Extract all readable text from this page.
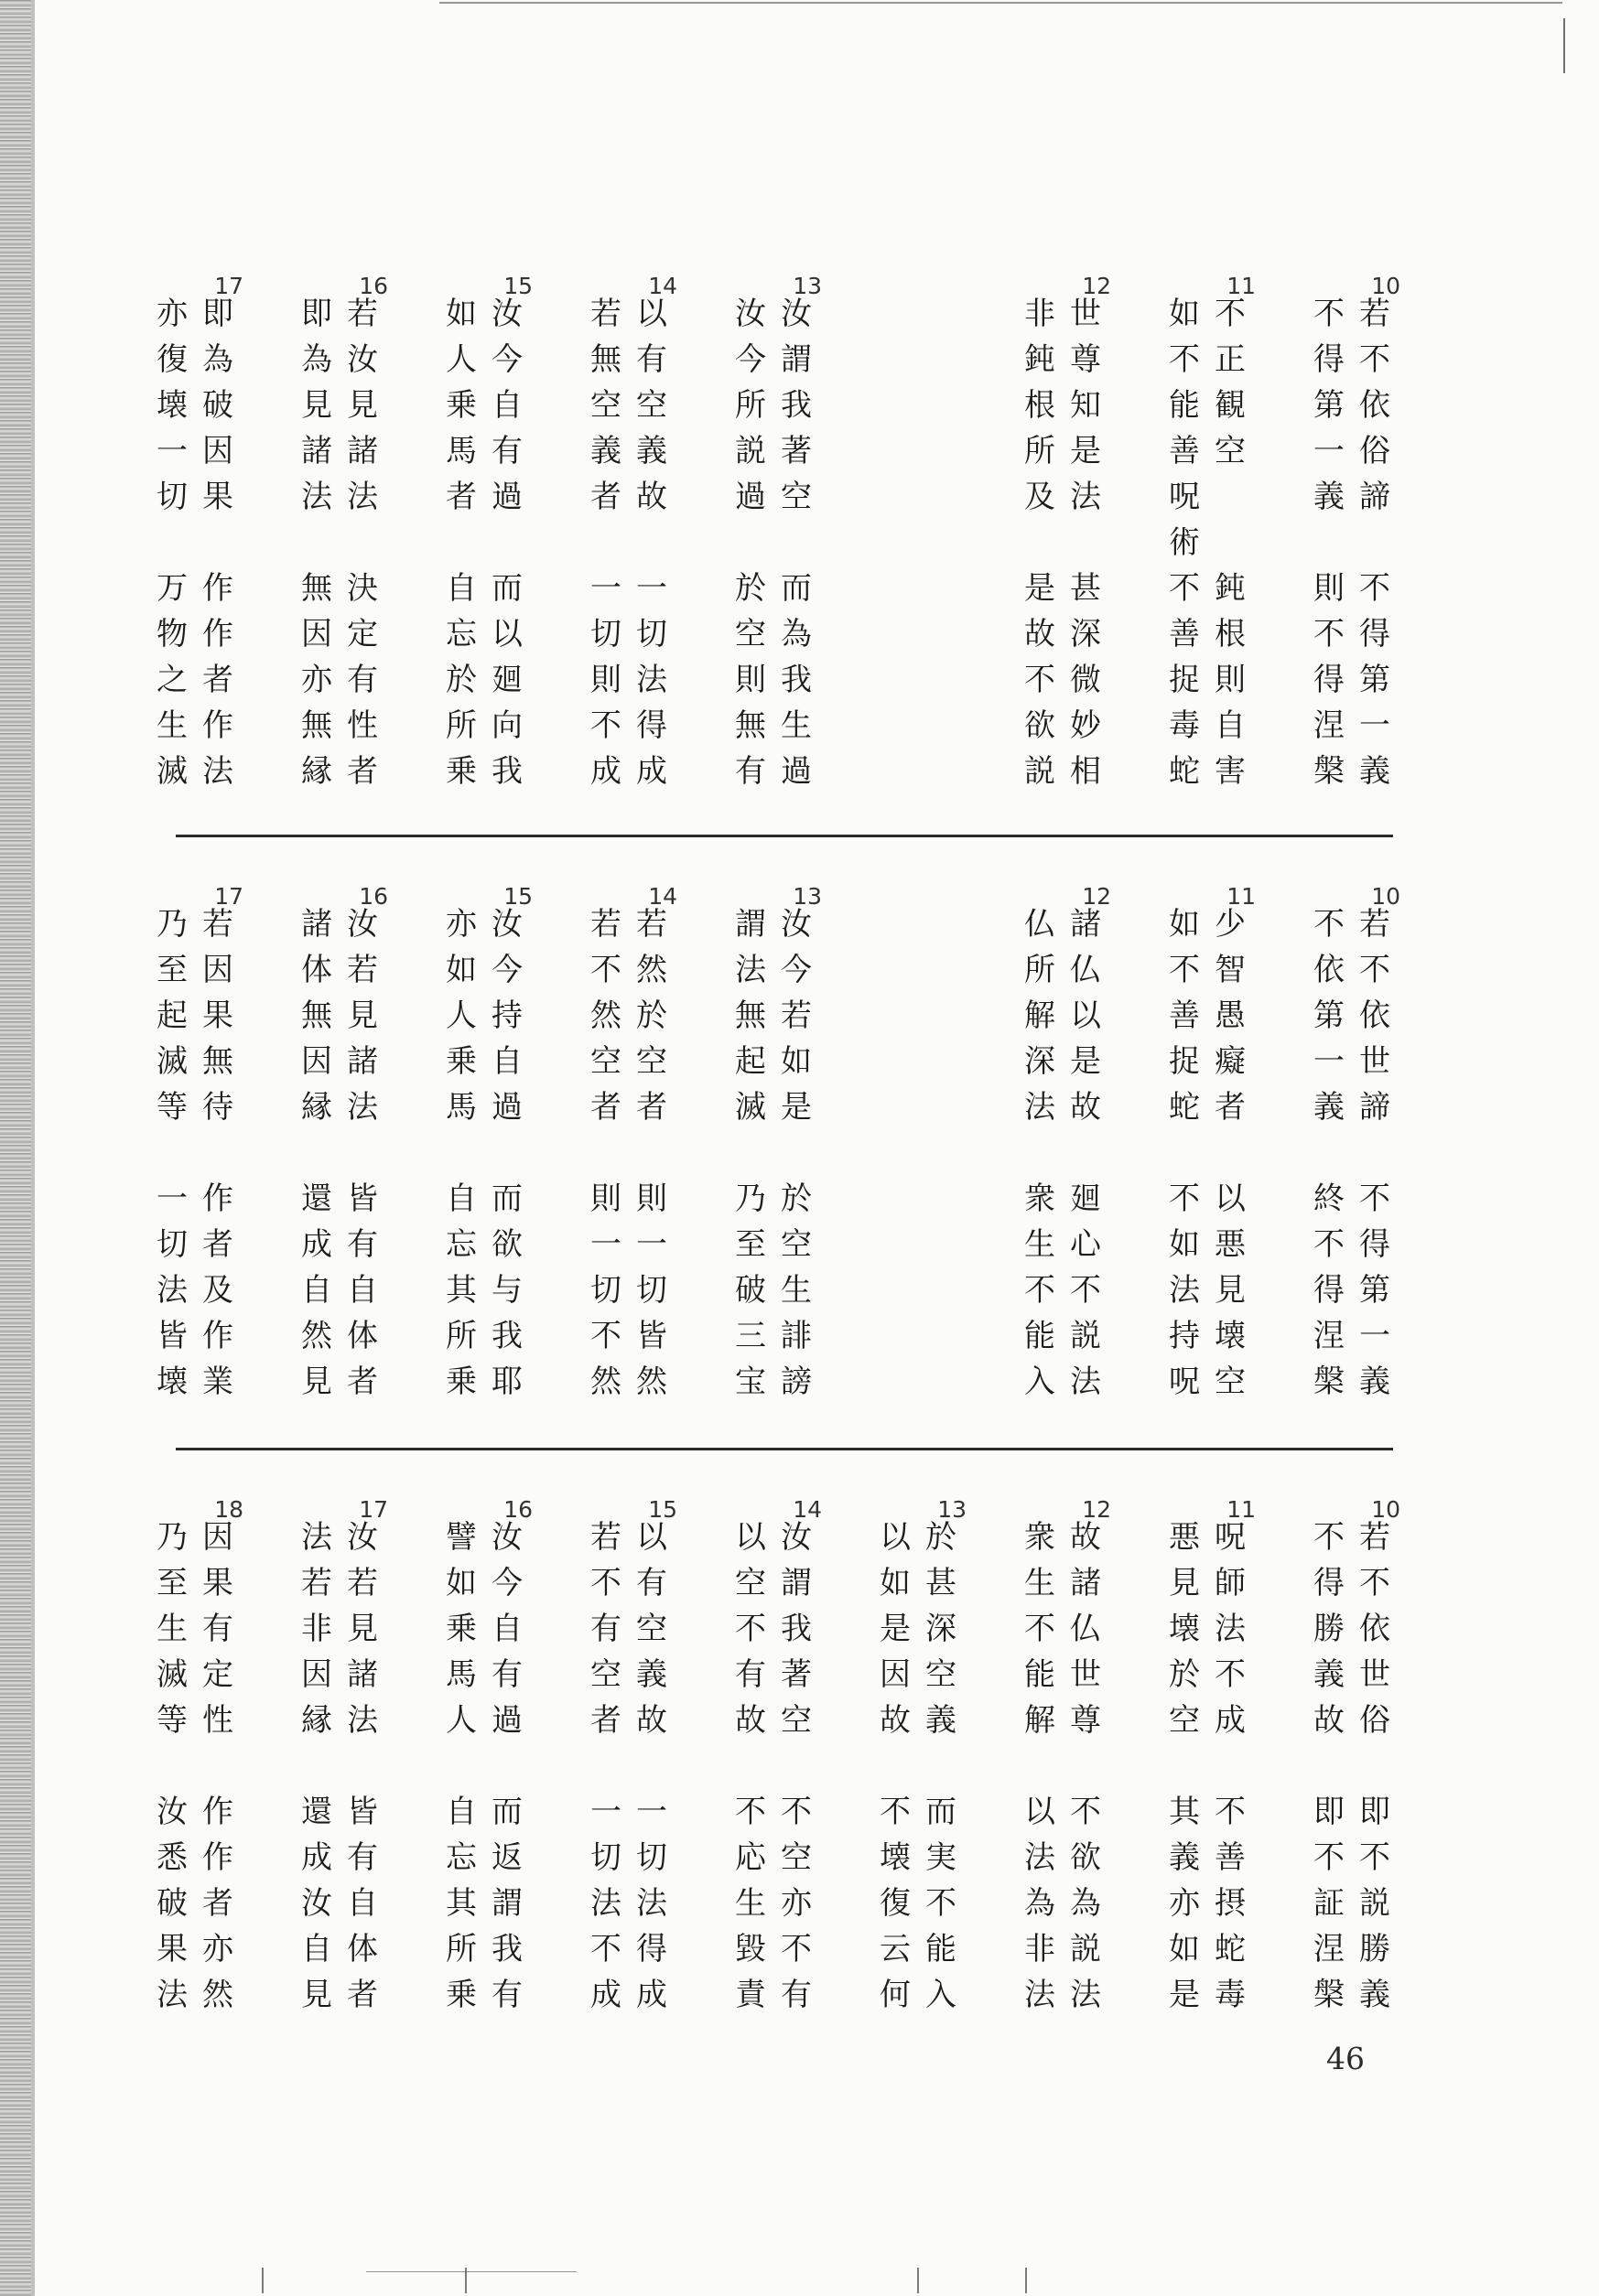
10
若不依俗諦
不得第一義
不得第一義
則不得涅槃
11
不正観空
如不能善呪術
鈍根則自害
不善捉毒蛇
12
世尊知是法
非鈍根所及
甚深微妙相
是故不欲説
13
汝謂我著空
汝今所説過
而為我生過
於空則無有
14
以有空義故
若無空義者
一切法得成
一切則不成
15
汝今自有過
如人乗馬者
而以廻向我
自忘於所乗
16
若汝見諸法
即為見諸法
決定有性者
無因亦無縁
17
即為破因果
亦復壊一切
作作者作法
万物之生滅
10
若不依世諦
不依第一義
不得第一義
終不得涅槃
11
少智愚癡者
如不善捉蛇
以悪見壊空
不如法持呪
12
諸仏以是故
仏所解深法
廻心不説法
衆生不能入
13
汝今若如是
謂法無起滅
於空生誹謗
乃至破三宝
14
若然於空者
若不然空者
則一切皆然
則一切不然
15
汝今持自過
亦如人乗馬
而欲与我耶
自忘其所乗
16
汝若見諸法
諸体無因縁
皆有自体者
還成自然見
17
若因果無待
乃至起滅等
作者及作業
一切法皆壊
10
若不依世俗
不得勝義故
即不説勝義
即不証涅槃
11
呪師法不成
悪見壊於空
不善摂蛇毒
其義亦如是
12
故諸仏世尊
衆生不能解
不欲為説法
以法為非法
13
於甚深空義
以如是因故
而実不能入
不壊復云何
14
汝謂我著空
以空不有故
不空亦不有
不応生毀責
15
以有空義故
若不有空者
一切法得成
一切法不成
16
汝今自有過
譬如乗馬人
而返謂我有
自忘其所乗
17
汝若見諸法
法若非因縁
皆有自体者
還成汝自見
18
因果有定性
乃至生滅等
作作者亦然
汝悉破果法
46
